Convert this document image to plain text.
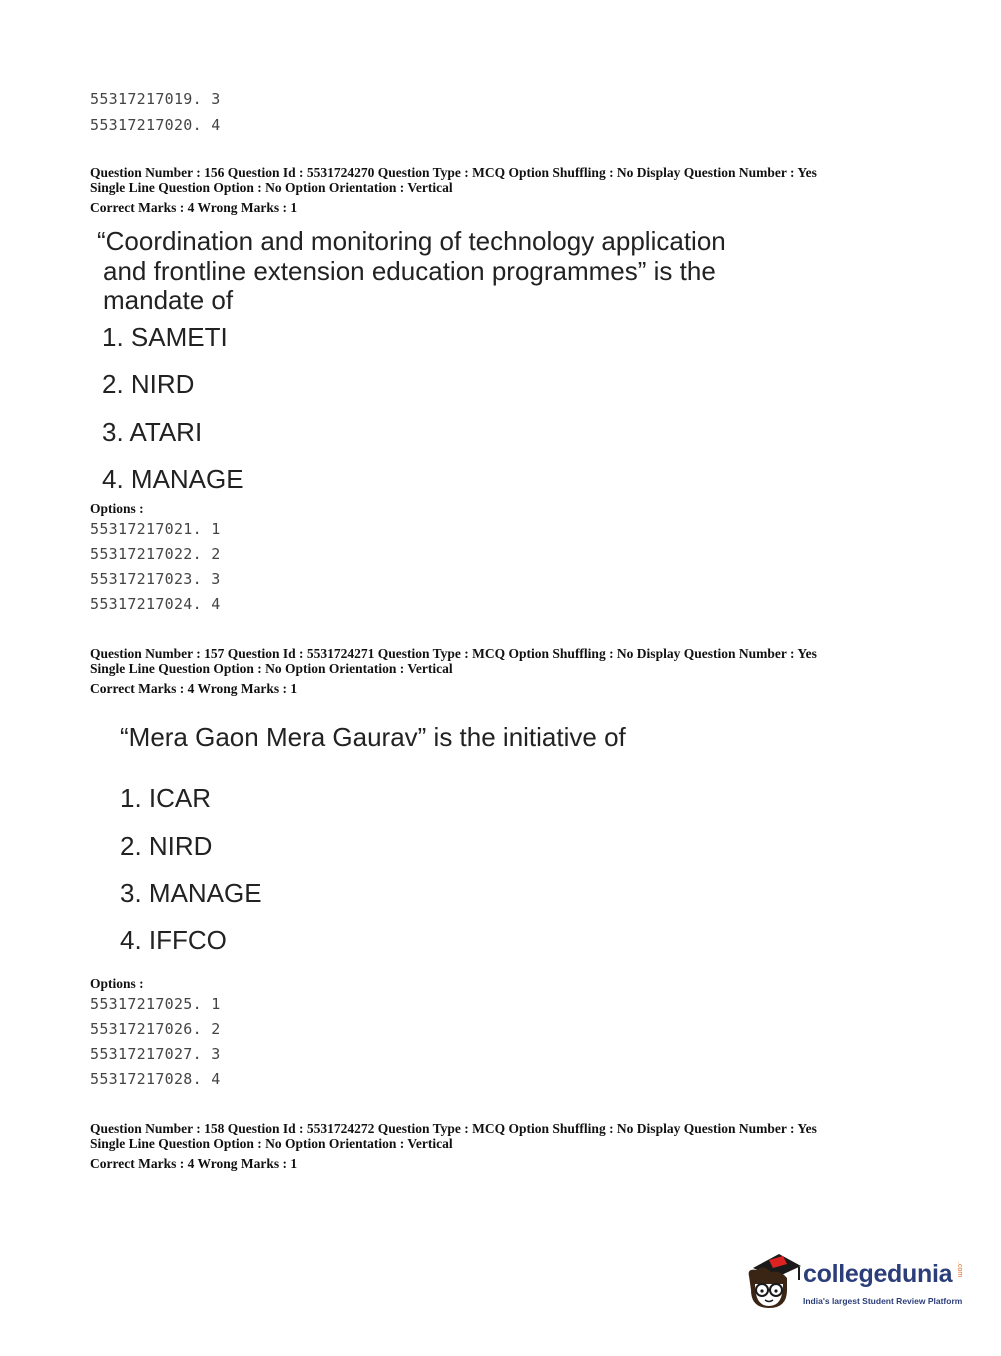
55317217019. 3
55317217020. 4
Question Number : 156 Question Id : 5531724270 Question Type : MCQ Option Shuffling : No Display Question Number : Yes
Single Line Question Option : No Option Orientation : Vertical
Correct Marks : 4 Wrong Marks : 1
“Coordination and monitoring of technology application
and frontline extension education programmes” is the
mandate of
1. SAMETI
2. NIRD
3. ATARI
4. MANAGE
Options :
55317217021. 1
55317217022. 2
55317217023. 3
55317217024. 4
Question Number : 157 Question Id : 5531724271 Question Type : MCQ Option Shuffling : No Display Question Number : Yes
Single Line Question Option : No Option Orientation : Vertical
Correct Marks : 4 Wrong Marks : 1
“Mera Gaon Mera Gaurav” is the initiative of
1. ICAR
2. NIRD
3. MANAGE
4. IFFCO
Options :
55317217025. 1
55317217026. 2
55317217027. 3
55317217028. 4
Question Number : 158 Question Id : 5531724272 Question Type : MCQ Option Shuffling : No Display Question Number : Yes
Single Line Question Option : No Option Orientation : Vertical
Correct Marks : 4 Wrong Marks : 1
collegedunia .com
India's largest Student Review Platform
